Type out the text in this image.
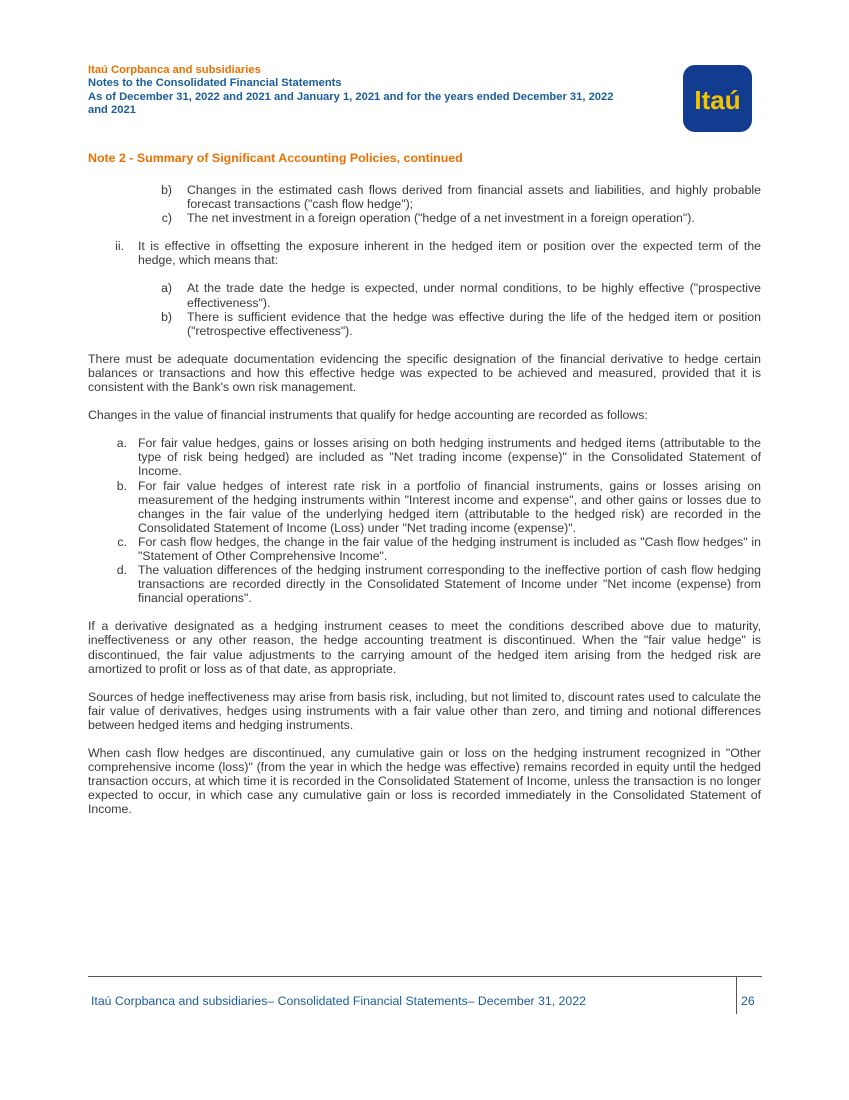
Itaú Corpbanca and subsidiaries
Notes to the Consolidated Financial Statements
As of December 31, 2022 and 2021 and January 1, 2021 and for the years ended December 31, 2022
and 2021	Itaú
Note 2 - Summary of Significant Accounting Policies, continued
b)	Changes in the estimated cash flows derived from financial assets and liabilities, and highly probable forecast transactions ("cash flow hedge");
c)	The net investment in a foreign operation ("hedge of a net investment in a foreign operation").
ii.	It is effective in offsetting the exposure inherent in the hedged item or position over the expected term of the hedge, which means that:
a)	At the trade date the hedge is expected, under normal conditions, to be highly effective ("prospective effectiveness").
b)	There is sufficient evidence that the hedge was effective during the life of the hedged item or position ("retrospective effectiveness").

There must be adequate documentation evidencing the specific designation of the financial derivative to hedge certain balances or transactions and how this effective hedge was expected to be achieved and measured, provided that it is consistent with the Bank's own risk management.

Changes in the value of financial instruments that qualify for hedge accounting are recorded as follows:

a. For fair value hedges, gains or losses arising on both hedging instruments and hedged items (attributable to the type of risk being hedged) are included as "Net trading income (expense)" in the Consolidated Statement of Income.
b. For fair value hedges of interest rate risk in a portfolio of financial instruments, gains or losses arising on measurement of the hedging instruments within "Interest income and expense", and other gains or losses due to changes in the fair value of the underlying hedged item (attributable to the hedged risk) are recorded in the Consolidated Statement of Income (Loss) under "Net trading income (expense)".
c. For cash flow hedges, the change in the fair value of the hedging instrument is included as "Cash flow hedges" in "Statement of Other Comprehensive Income".
d. The valuation differences of the hedging instrument corresponding to the ineffective portion of cash flow hedging transactions are recorded directly in the Consolidated Statement of Income under "Net income (expense) from financial operations".

If a derivative designated as a hedging instrument ceases to meet the conditions described above due to maturity, ineffectiveness or any other reason, the hedge accounting treatment is discontinued. When the "fair value hedge" is discontinued, the fair value adjustments to the carrying amount of the hedged item arising from the hedged risk are amortized to profit or loss as of that date, as appropriate.

Sources of hedge ineffectiveness may arise from basis risk, including, but not limited to, discount rates used to calculate the fair value of derivatives, hedges using instruments with a fair value other than zero, and timing and notional differences between hedged items and hedging instruments.

When cash flow hedges are discontinued, any cumulative gain or loss on the hedging instrument recognized in "Other comprehensive income (loss)" (from the year in which the hedge was effective) remains recorded in equity until the hedged transaction occurs, at which time it is recorded in the Consolidated Statement of Income, unless the transaction is no longer expected to occur, in which case any cumulative gain or loss is recorded immediately in the Consolidated Statement of Income.

Itaú Corpbanca and subsidiaries– Consolidated Financial Statements– December 31, 2022	26
